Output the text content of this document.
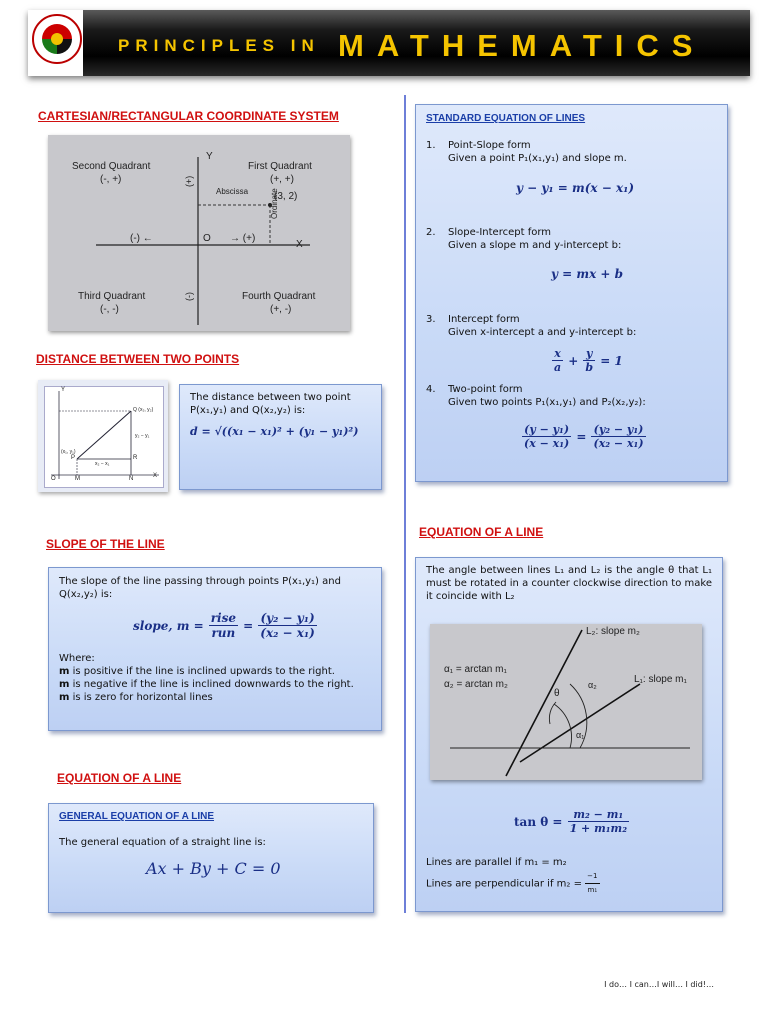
PRINCIPLES IN MATHEMATICS
CARTESIAN/RECTANGULAR COORDINATE SYSTEM
Second Quadrant
(-, +)
First Quadrant
(+, +)
Third Quadrant
(-, -)
Fourth Quadrant
(+, -)
Abscissa	(3, 2)
Ordinate
O
X
Y
(-) ←	→ (+)
(+)
(-)
DISTANCE BETWEEN TWO POINTS
Q (x₂, y₂)
(x₁, y₁)
x₂ − x₁
y₂ − y₁
Y
X
O	M	N
R
P
The distance between two point
P(x₁,y₁) and Q(x₂,y₂) is:
d = √((x₁ − x₁)² + (y₁ − y₁)²)
SLOPE OF THE LINE
The slope of the line passing through points P(x₁,y₁) and Q(x₂,y₂) is:
slope, $m = \frac{\text{rise}}{\text{run}} = \frac{\text{(y₂ − y₁)}}{\text{(x₂ − x₁)}}$
Where:
m is positive if the line is inclined upwards to the right.
m is negative if the line is inclined downwards to the right.
m is is zero for horizontal lines
EQUATION OF A LINE
GENERAL EQUATION OF A LINE
The general equation of a straight line is:
Ax + By + C = 0
STANDARD EQUATION OF LINES
1. Point-Slope form
Given a point P₁(x₁,y₁) and slope m.
y − y₁ = m(x − x₁)
2. Slope-Intercept form
Given a slope m and y-intercept b:
y = mx + b
3. Intercept form
Given x-intercept a and y-intercept b:
$\frac{x}{a} + \frac{y}{b} = 1$
4. Two-point form
Given two points P₁(x₁,y₁) and P₂(x₂,y₂):
$\frac{\text{(y − y₁)}}{\text{(x − x₁)}} = \frac{\text{(y₂ − y₁)}}{\text{(x₂ − x₁)}}$
EQUATION OF A LINE
The angle between lines L₁ and L₂ is the angle θ that L₁ must be rotated in a counter clockwise direction to make it coincide with L₂
α₁ = arctan m₁
α₂ = arctan m₂
L₂: slope m₂
L₁: slope m₁
θ
α₂
α₁
$\tan \theta = \frac{\text{m₂ − m₁}}{\text{1 + m₁m₂}}$
Lines are parallel if m₁ = m₂
Lines are perpendicular if $m_2 = \frac{-1}{\text{m₁}}$
I do… I can…I will… I did!…
